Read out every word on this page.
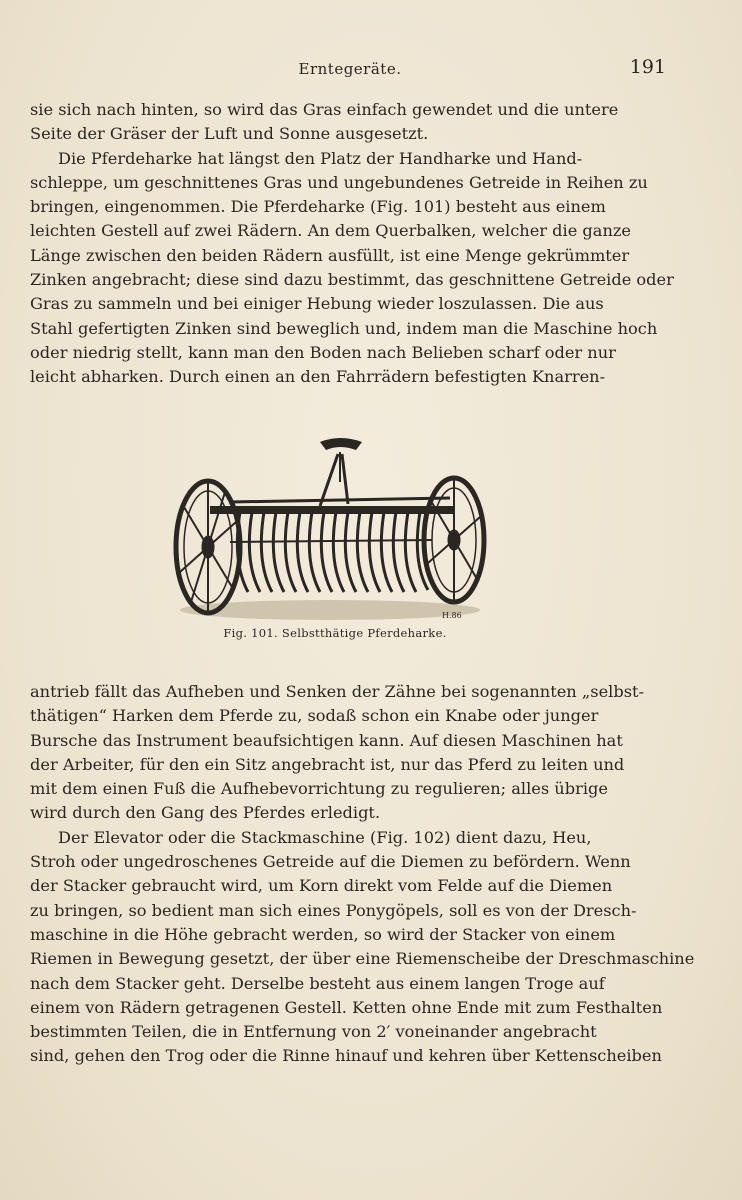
Erntegeräte.	191
sie sich nach hinten, so wird das Gras einfach gewendet und die untere
Seite der Gräser der Luft und Sonne ausgesetzt.
Die Pferdeharke hat längst den Platz der Handharke und Hand-
schleppe, um geschnittenes Gras und ungebundenes Getreide in Reihen zu
bringen, eingenommen. Die Pferdeharke (Fig. 101) besteht aus einem
leichten Gestell auf zwei Rädern. An dem Querbalken, welcher die ganze
Länge zwischen den beiden Rädern ausfüllt, ist eine Menge gekrümmter
Zinken angebracht; diese sind dazu bestimmt, das geschnittene Getreide oder
Gras zu sammeln und bei einiger Hebung wieder loszulassen. Die aus
Stahl gefertigten Zinken sind beweglich und, indem man die Maschine hoch
oder niedrig stellt, kann man den Boden nach Belieben scharf oder nur
leicht abharken. Durch einen an den Fahrrädern befestigten Knarren-
H.86
Fig. 101. Selbstthätige Pferdeharke.
antrieb fällt das Aufheben und Senken der Zähne bei sogenannten „selbst-
thätigen“ Harken dem Pferde zu, sodaß schon ein Knabe oder junger
Bursche das Instrument beaufsichtigen kann. Auf diesen Maschinen hat
der Arbeiter, für den ein Sitz angebracht ist, nur das Pferd zu leiten und
mit dem einen Fuß die Aufhebevorrichtung zu regulieren; alles übrige
wird durch den Gang des Pferdes erledigt.
Der Elevator oder die Stackmaschine (Fig. 102) dient dazu, Heu,
Stroh oder ungedroschenes Getreide auf die Diemen zu befördern. Wenn
der Stacker gebraucht wird, um Korn direkt vom Felde auf die Diemen
zu bringen, so bedient man sich eines Ponygöpels, soll es von der Dresch-
maschine in die Höhe gebracht werden, so wird der Stacker von einem
Riemen in Bewegung gesetzt, der über eine Riemenscheibe der Dreschmaschine
nach dem Stacker geht. Derselbe besteht aus einem langen Troge auf
einem von Rädern getragenen Gestell. Ketten ohne Ende mit zum Festhalten
bestimmten Teilen, die in Entfernung von 2′ voneinander angebracht
sind, gehen den Trog oder die Rinne hinauf und kehren über Kettenscheiben
